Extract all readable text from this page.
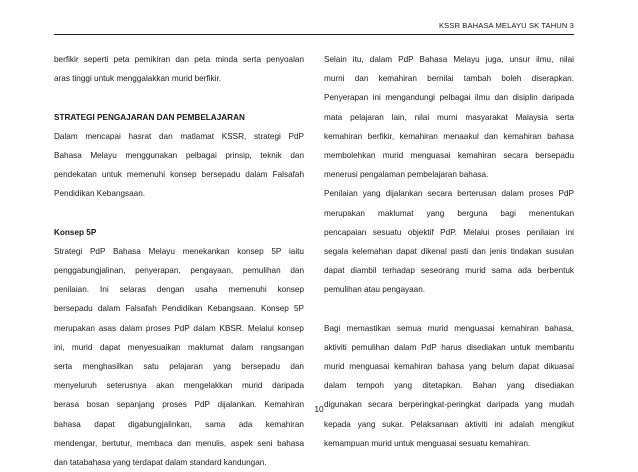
KSSR BAHASA MELAYU SK TAHUN 3
berfikir seperti peta pemikiran dan peta minda serta penyoalan
aras tinggi untuk menggalakkan murid berfikir.
STRATEGI PENGAJARAN DAN PEMBELAJARAN
Dalam mencapai hasrat dan matlamat KSSR, strategi PdP
Bahasa Melayu menggunakan pelbagai prinsip, teknik dan
pendekatan untuk memenuhi konsep bersepadu dalam Falsafah
Pendidikan Kebangsaan.
Konsep 5P
Strategi PdP Bahasa Melayu menekankan konsep 5P iaitu
penggabungjalinan, penyerapan, pengayaan, pemulihan dan
penilaian. Ini selaras dengan usaha memenuhi konsep
bersepadu dalam Falsafah Pendidikan Kebangsaan. Konsep 5P
merupakan asas dalam proses PdP dalam KBSR. Melalui konsep
ini, murid dapat menyesuaikan maklumat dalam rangsangan
serta menghasilkan satu pelajaran yang bersepadu dan
menyeluruh seterusnya akan mengelakkan murid daripada
berasa bosan sepanjang proses PdP dijalankan. Kemahiran
bahasa dapat digabungjalinkan, sama ada kemahiran
mendengar, bertutur, membaca dan menulis, aspek seni bahasa
dan tatabahasa yang terdapat dalam standard kandungan.
Selain itu, dalam PdP Bahasa Melayu juga, unsur ilmu, nilai
murni dan kemahiran bernilai tambah boleh diserapkan.
Penyerapan ini mengandungi pelbagai ilmu dan disiplin daripada
mata pelajaran lain, nilai murni masyarakat Malaysia serta
kemahiran berfikir, kemahiran menaakul dan kemahiran bahasa
membolehkan murid menguasai kemahiran secara bersepadu
menerusi pengalaman pembelajaran bahasa.
Penilaian yang dijalankan secara berterusan dalam proses PdP
merupakan maklumat yang berguna bagi menentukan
pencapaian sesuatu objektif PdP. Melalui proses penilaian ini
segala kelemahan dapat dikenal pasti dan jenis tindakan susulan
dapat diambil terhadap seseorang murid sama ada berbentuk
pemulihan atau pengayaan.
Bagi memastikan semua murid menguasai kemahiran bahasa,
aktiviti pemulihan dalam PdP harus disediakan untuk membantu
murid menguasai kemahiran bahasa yang belum dapat dikuasai
dalam tempoh yang ditetapkan. Bahan yang disediakan
digunakan secara berperingkat-peringkat daripada yang mudah
kepada yang sukar. Pelaksanaan aktiviti ini adalah mengikut
kemampuan murid untuk menguasai sesuatu kemahiran.
10
